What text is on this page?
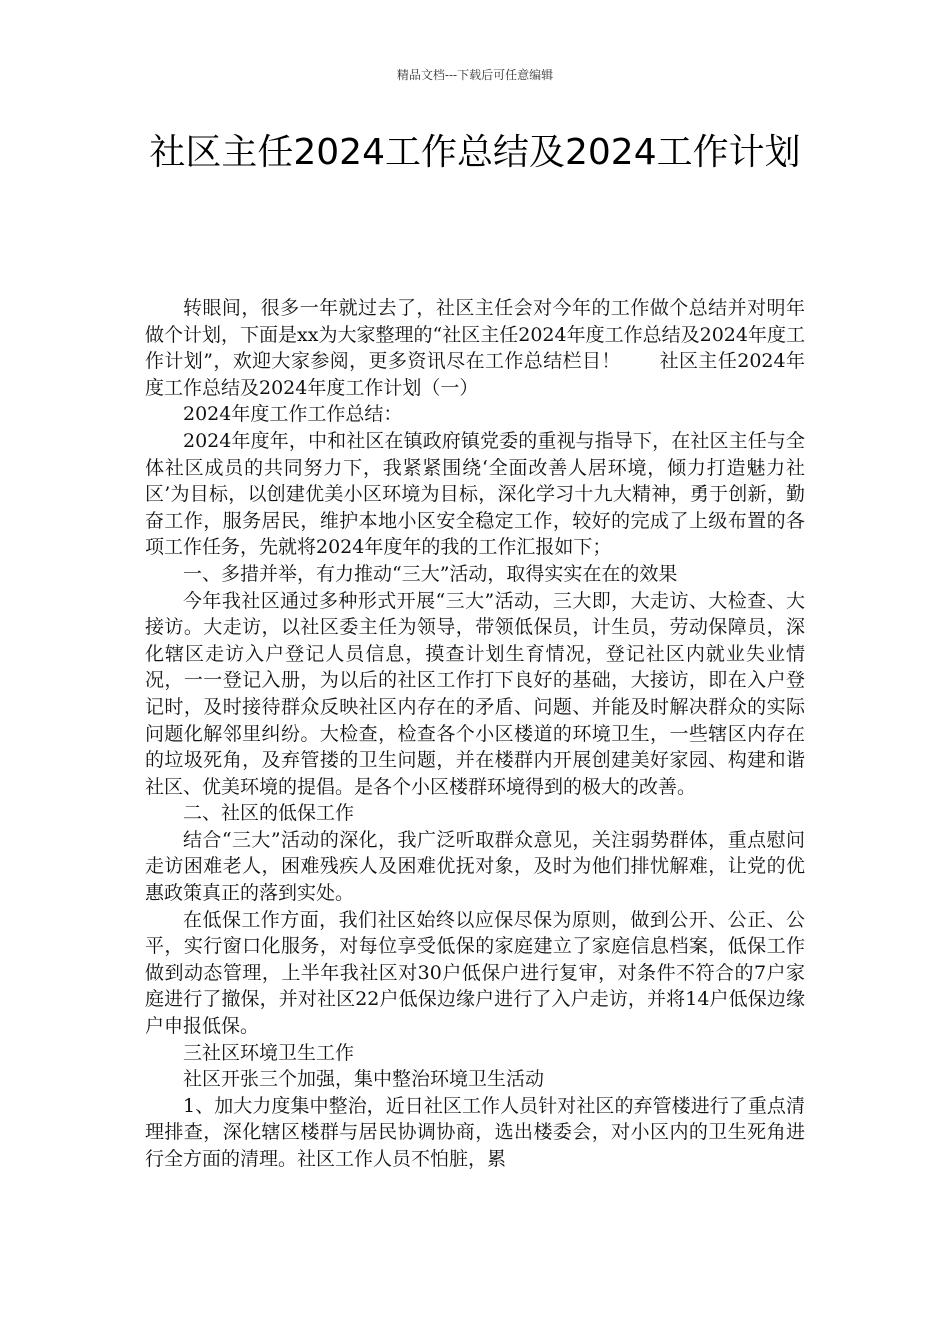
精品文档---下载后可任意编辑
社区主任2024工作总结及2024工作计划

转眼间，很多一年就过去了，社区主任会对今年的工作做个总结并对明年做个计划，下面是xx为大家整理的“社区主任2024年度工作总结及2024年度工作计划”，欢迎大家参阅，更多资讯尽在工作总结栏目！　　社区主任2024年度工作总结及2024年度工作计划（一）

2024年度工作工作总结：

2024年度年，中和社区在镇政府镇党委的重视与指导下，在社区主任与全体社区成员的共同努力下，我紧紧围绕‘全面改善人居环境，倾力打造魅力社区’为目标，以创建优美小区环境为目标，深化学习十九大精神，勇于创新，勤奋工作，服务居民，维护本地小区安全稳定工作，较好的完成了上级布置的各项工作任务，先就将2024年度年的我的工作汇报如下；

一、多措并举，有力推动“三大”活动，取得实实在在的效果

今年我社区通过多种形式开展“三大”活动，三大即，大走访、大检查、大接访。大走访，以社区委主任为领导，带领低保员，计生员，劳动保障员，深化辖区走访入户登记人员信息，摸查计划生育情况，登记社区内就业失业情况，一一登记入册，为以后的社区工作打下良好的基础，大接访，即在入户登记时，及时接待群众反映社区内存在的矛盾、问题、并能及时解决群众的实际问题化解邻里纠纷。大检查，检查各个小区楼道的环境卫生，一些辖区内存在的垃圾死角，及弃管搂的卫生问题，并在楼群内开展创建美好家园、构建和谐社区、优美环境的提倡。是各个小区楼群环境得到的极大的改善。

二、社区的低保工作

结合“三大”活动的深化，我广泛听取群众意见，关注弱势群体，重点慰问走访困难老人，困难残疾人及困难优抚对象，及时为他们排忧解难，让党的优惠政策真正的落到实处。

在低保工作方面，我们社区始终以应保尽保为原则，做到公开、公正、公平，实行窗口化服务，对每位享受低保的家庭建立了家庭信息档案，低保工作做到动态管理，上半年我社区对30户低保户进行复审，对条件不符合的7户家庭进行了撤保，并对社区22户低保边缘户进行了入户走访，并将14户低保边缘户申报低保。

三社区环境卫生工作

社区开张三个加强，集中整治环境卫生活动

1、加大力度集中整治，近日社区工作人员针对社区的弃管楼进行了重点清理排查，深化辖区楼群与居民协调协商，选出楼委会，对小区内的卫生死角进行全方面的清理。社区工作人员不怕脏，累
